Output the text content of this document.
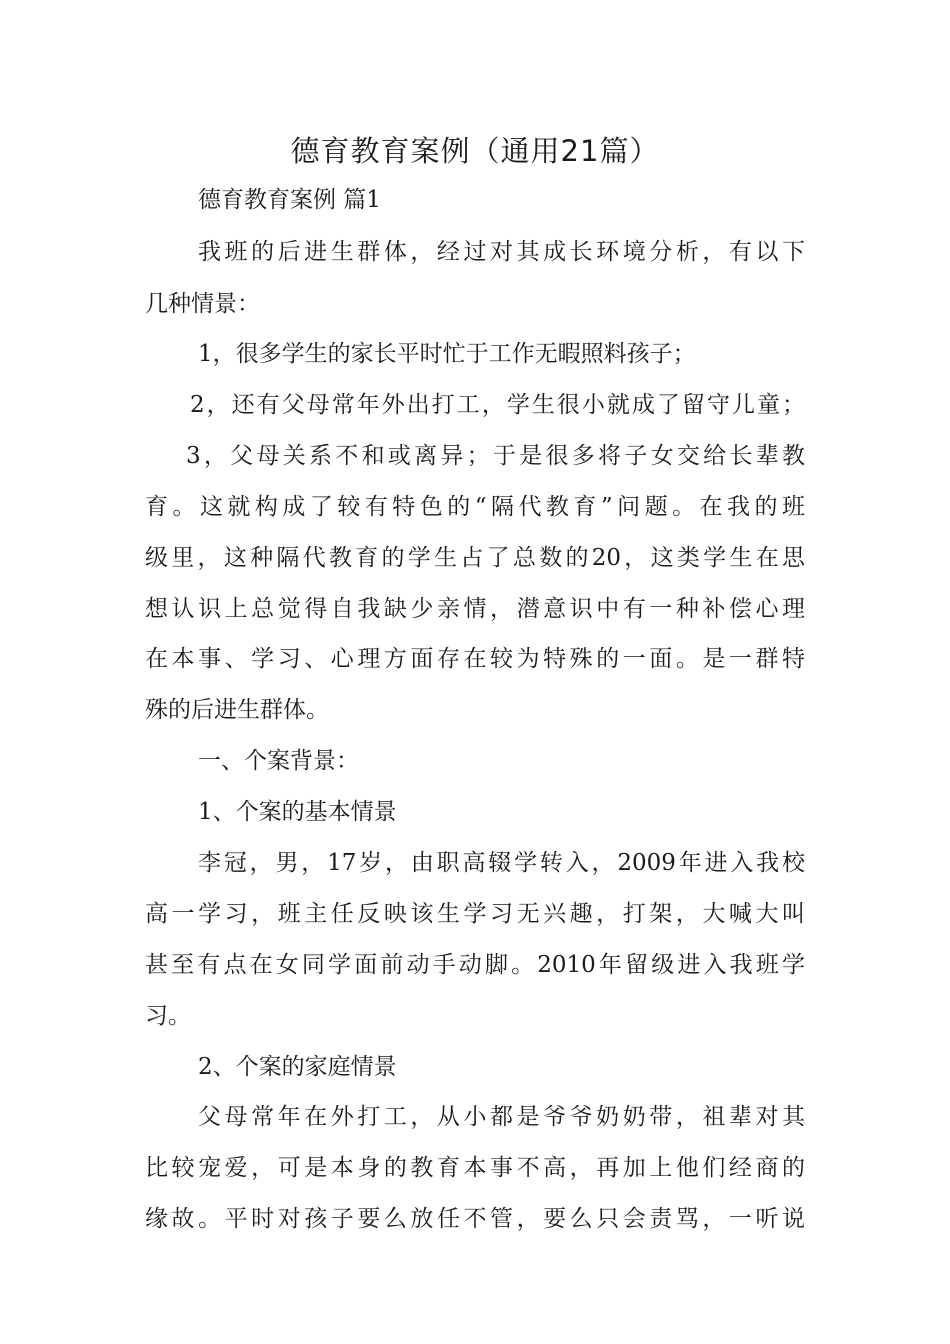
德育教育案例（通用21篇）
德育教育案例 篇1
我班的后进生群体，经过对其成长环境分析，有以下
几种情景：
1，很多学生的家长平时忙于工作无暇照料孩子；
2，还有父母常年外出打工，学生很小就成了留守儿童；
3，父母关系不和或离异；于是很多将子女交给长辈教
育。这就构成了较有特色的“隔代教育”问题。在我的班
级里，这种隔代教育的学生占了总数的20，这类学生在思
想认识上总觉得自我缺少亲情，潜意识中有一种补偿心理
在本事、学习、心理方面存在较为特殊的一面。是一群特
殊的后进生群体。
一、个案背景：
1、个案的基本情景
李冠，男，17岁，由职高辍学转入，2009年进入我校
高一学习，班主任反映该生学习无兴趣，打架，大喊大叫
甚至有点在女同学面前动手动脚。2010年留级进入我班学
习。
2、个案的家庭情景
父母常年在外打工，从小都是爷爷奶奶带，祖辈对其
比较宠爱，可是本身的教育本事不高，再加上他们经商的
缘故。平时对孩子要么放任不管，要么只会责骂，一听说
